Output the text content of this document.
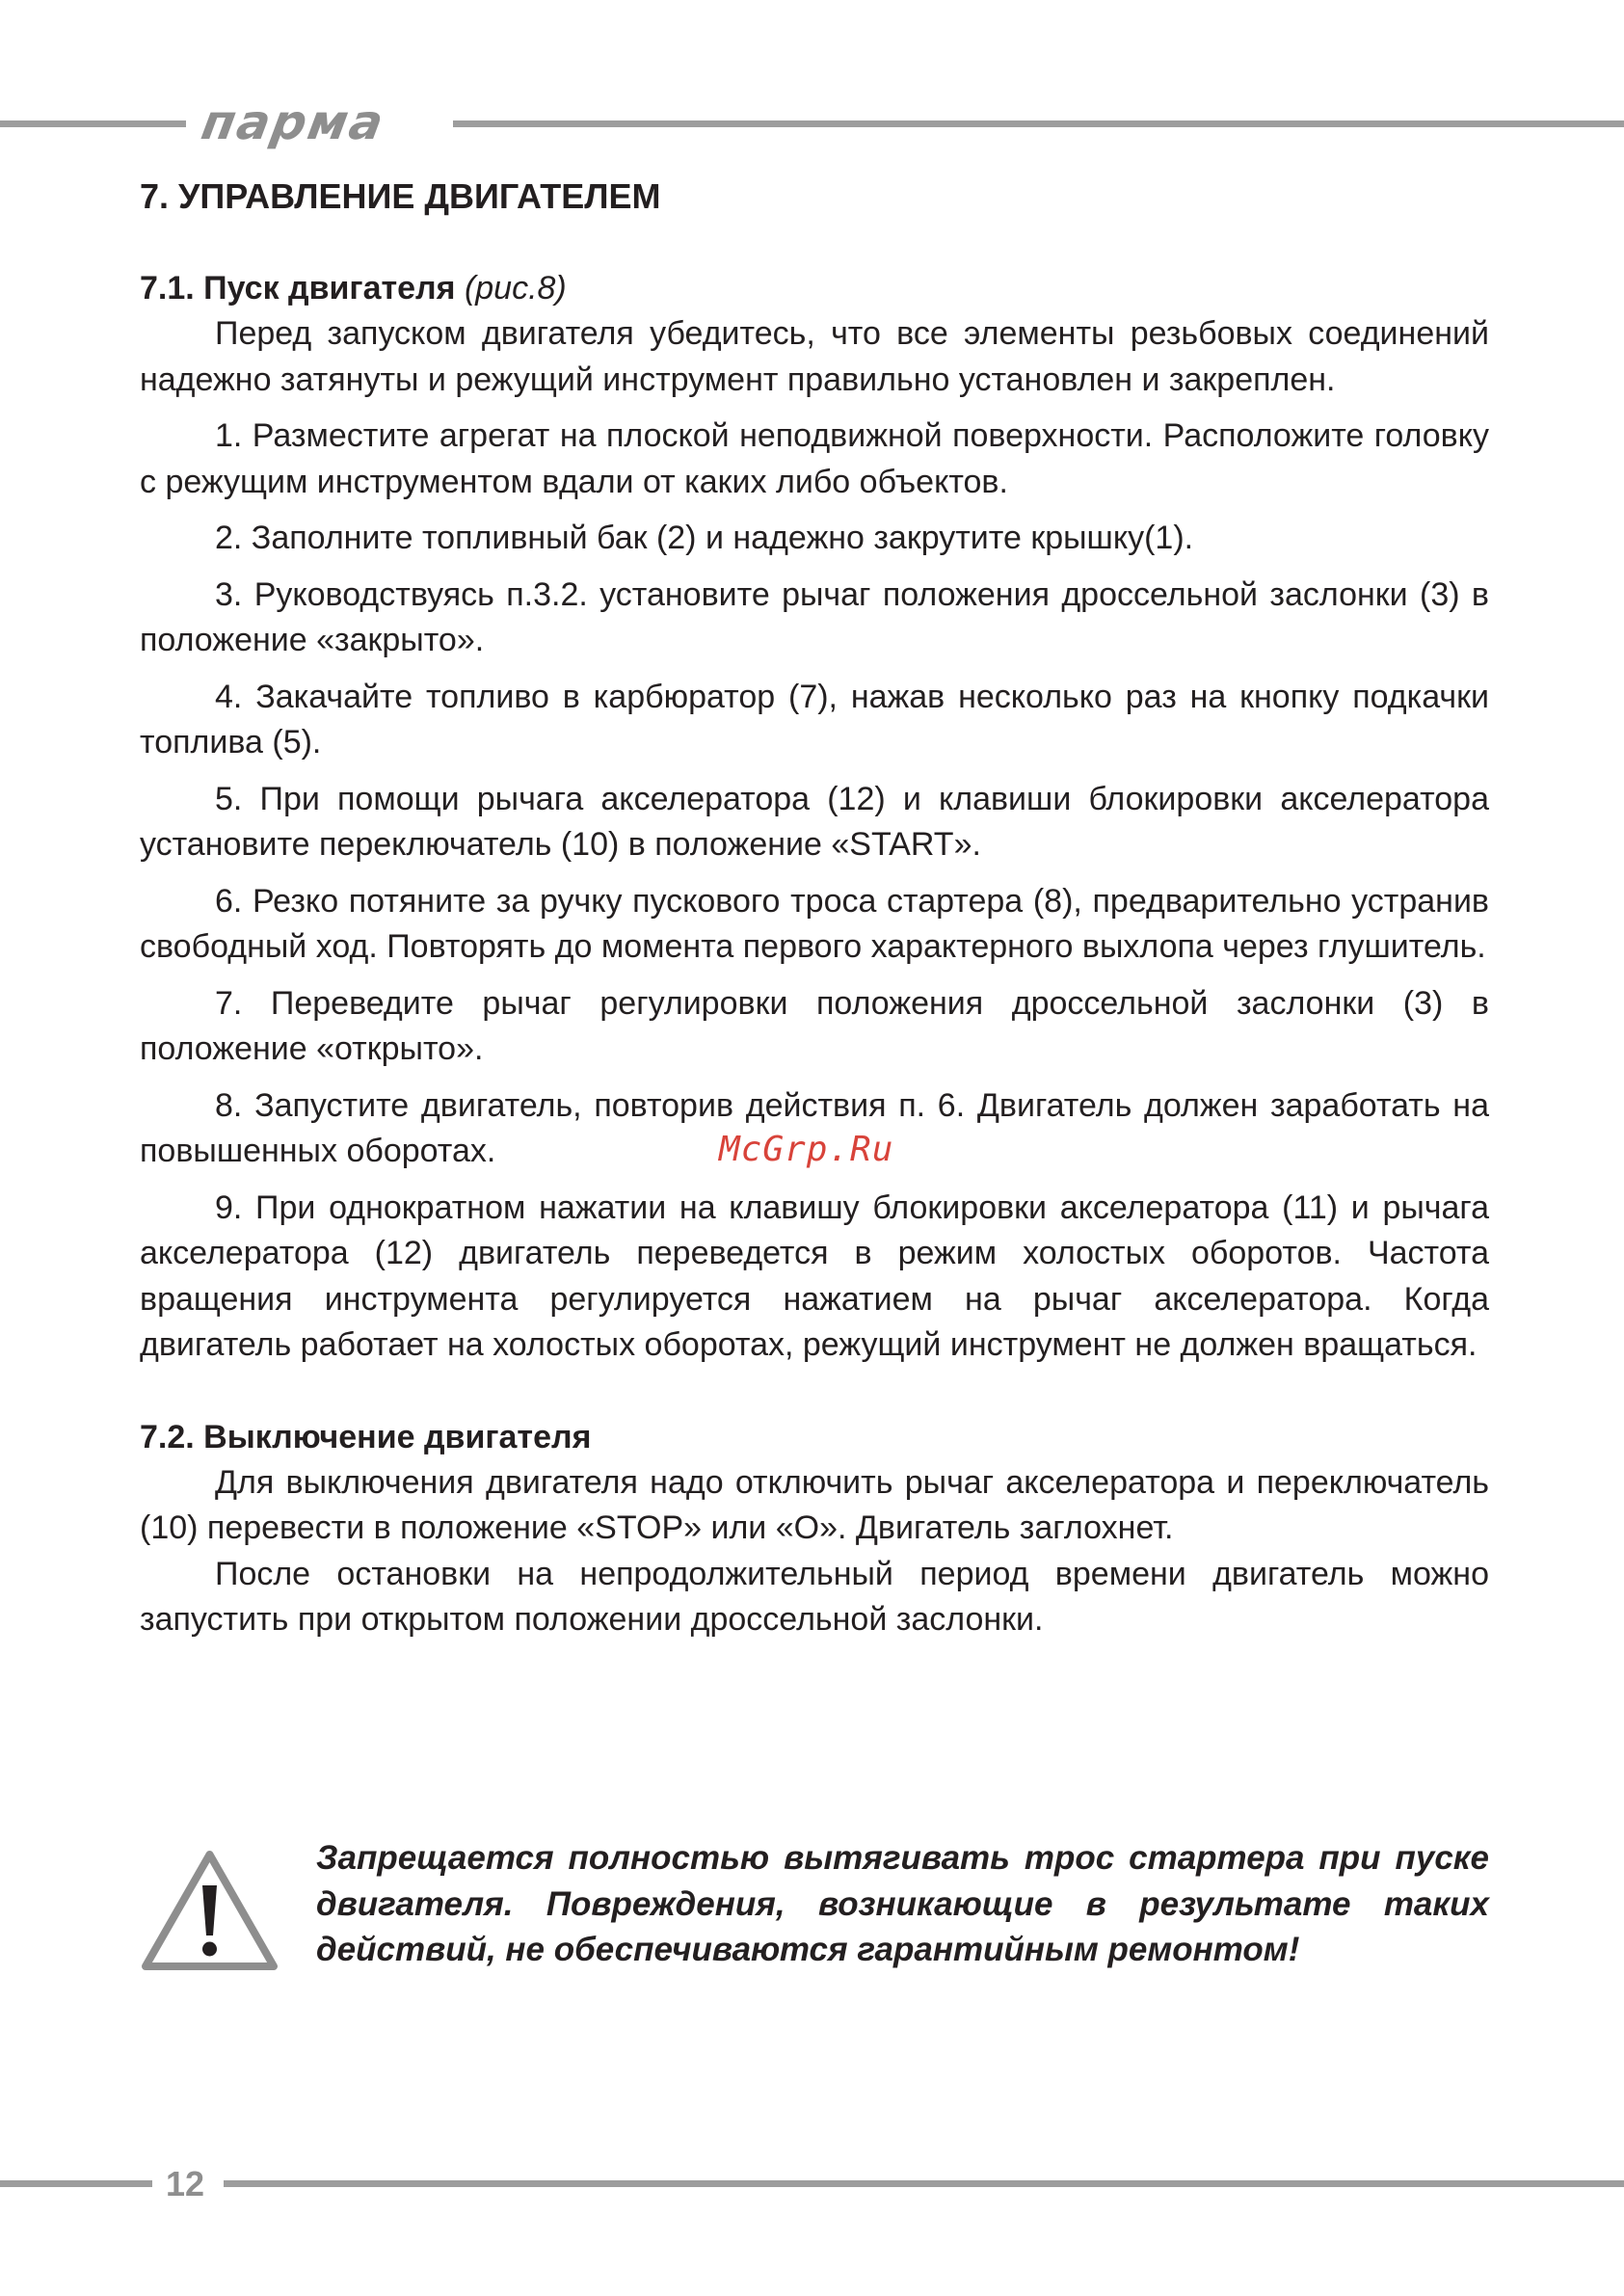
парма
7. УПРАВЛЕНИЕ ДВИГАТЕЛЕМ
7.1. Пуск двигателя (рис.8)

Перед запуском двигателя убедитесь, что все элементы резьбовых соединений надежно затянуты и режущий инструмент правильно установлен и закреплен.

1. Разместите агрегат на плоской неподвижной поверхности. Расположите головку с режущим инструментом вдали от каких либо объектов.

2. Заполните топливный бак (2) и надежно закрутите крышку(1).

3. Руководствуясь п.3.2. установите рычаг положения дроссельной заслонки (3) в положение «закрыто».

4. Закачайте топливо в карбюратор (7), нажав несколько раз на кнопку подкачки топлива (5).

5. При помощи рычага акселератора (12) и клавиши блокировки акселератора установите переключатель (10) в положение «START».

6. Резко потяните за ручку пускового троса стартера (8), предварительно устранив свободный ход. Повторять до момента первого характерного выхлопа через глушитель.

7. Переведите рычаг регулировки положения дроссельной заслонки (3) в положение «открыто».

8. Запустите двигатель, повторив действия п. 6. Двигатель должен заработать на повышенных оборотах.

9. При однократном нажатии на клавишу блокировки акселератора (11) и рычага акселератора (12) двигатель переведется в режим холостых оборотов. Частота вращения инструмента регулируется нажатием на рычаг акселератора. Когда двигатель работает на холостых оборотах, режущий инструмент не должен вращаться.

7.2. Выключение двигателя

Для выключения двигателя надо отключить рычаг акселератора и переключатель (10) перевести в положение «STOP» или «О». Двигатель заглохнет.

После остановки на непродолжительный период времени двигатель можно запустить при открытом положении дроссельной заслонки.

Запрещается полностью вытягивать трос стартера при пуске двигателя. Повреждения, возникающие в результате таких действий, не обеспечиваются гарантийным ремонтом!

McGrp.Ru
12
